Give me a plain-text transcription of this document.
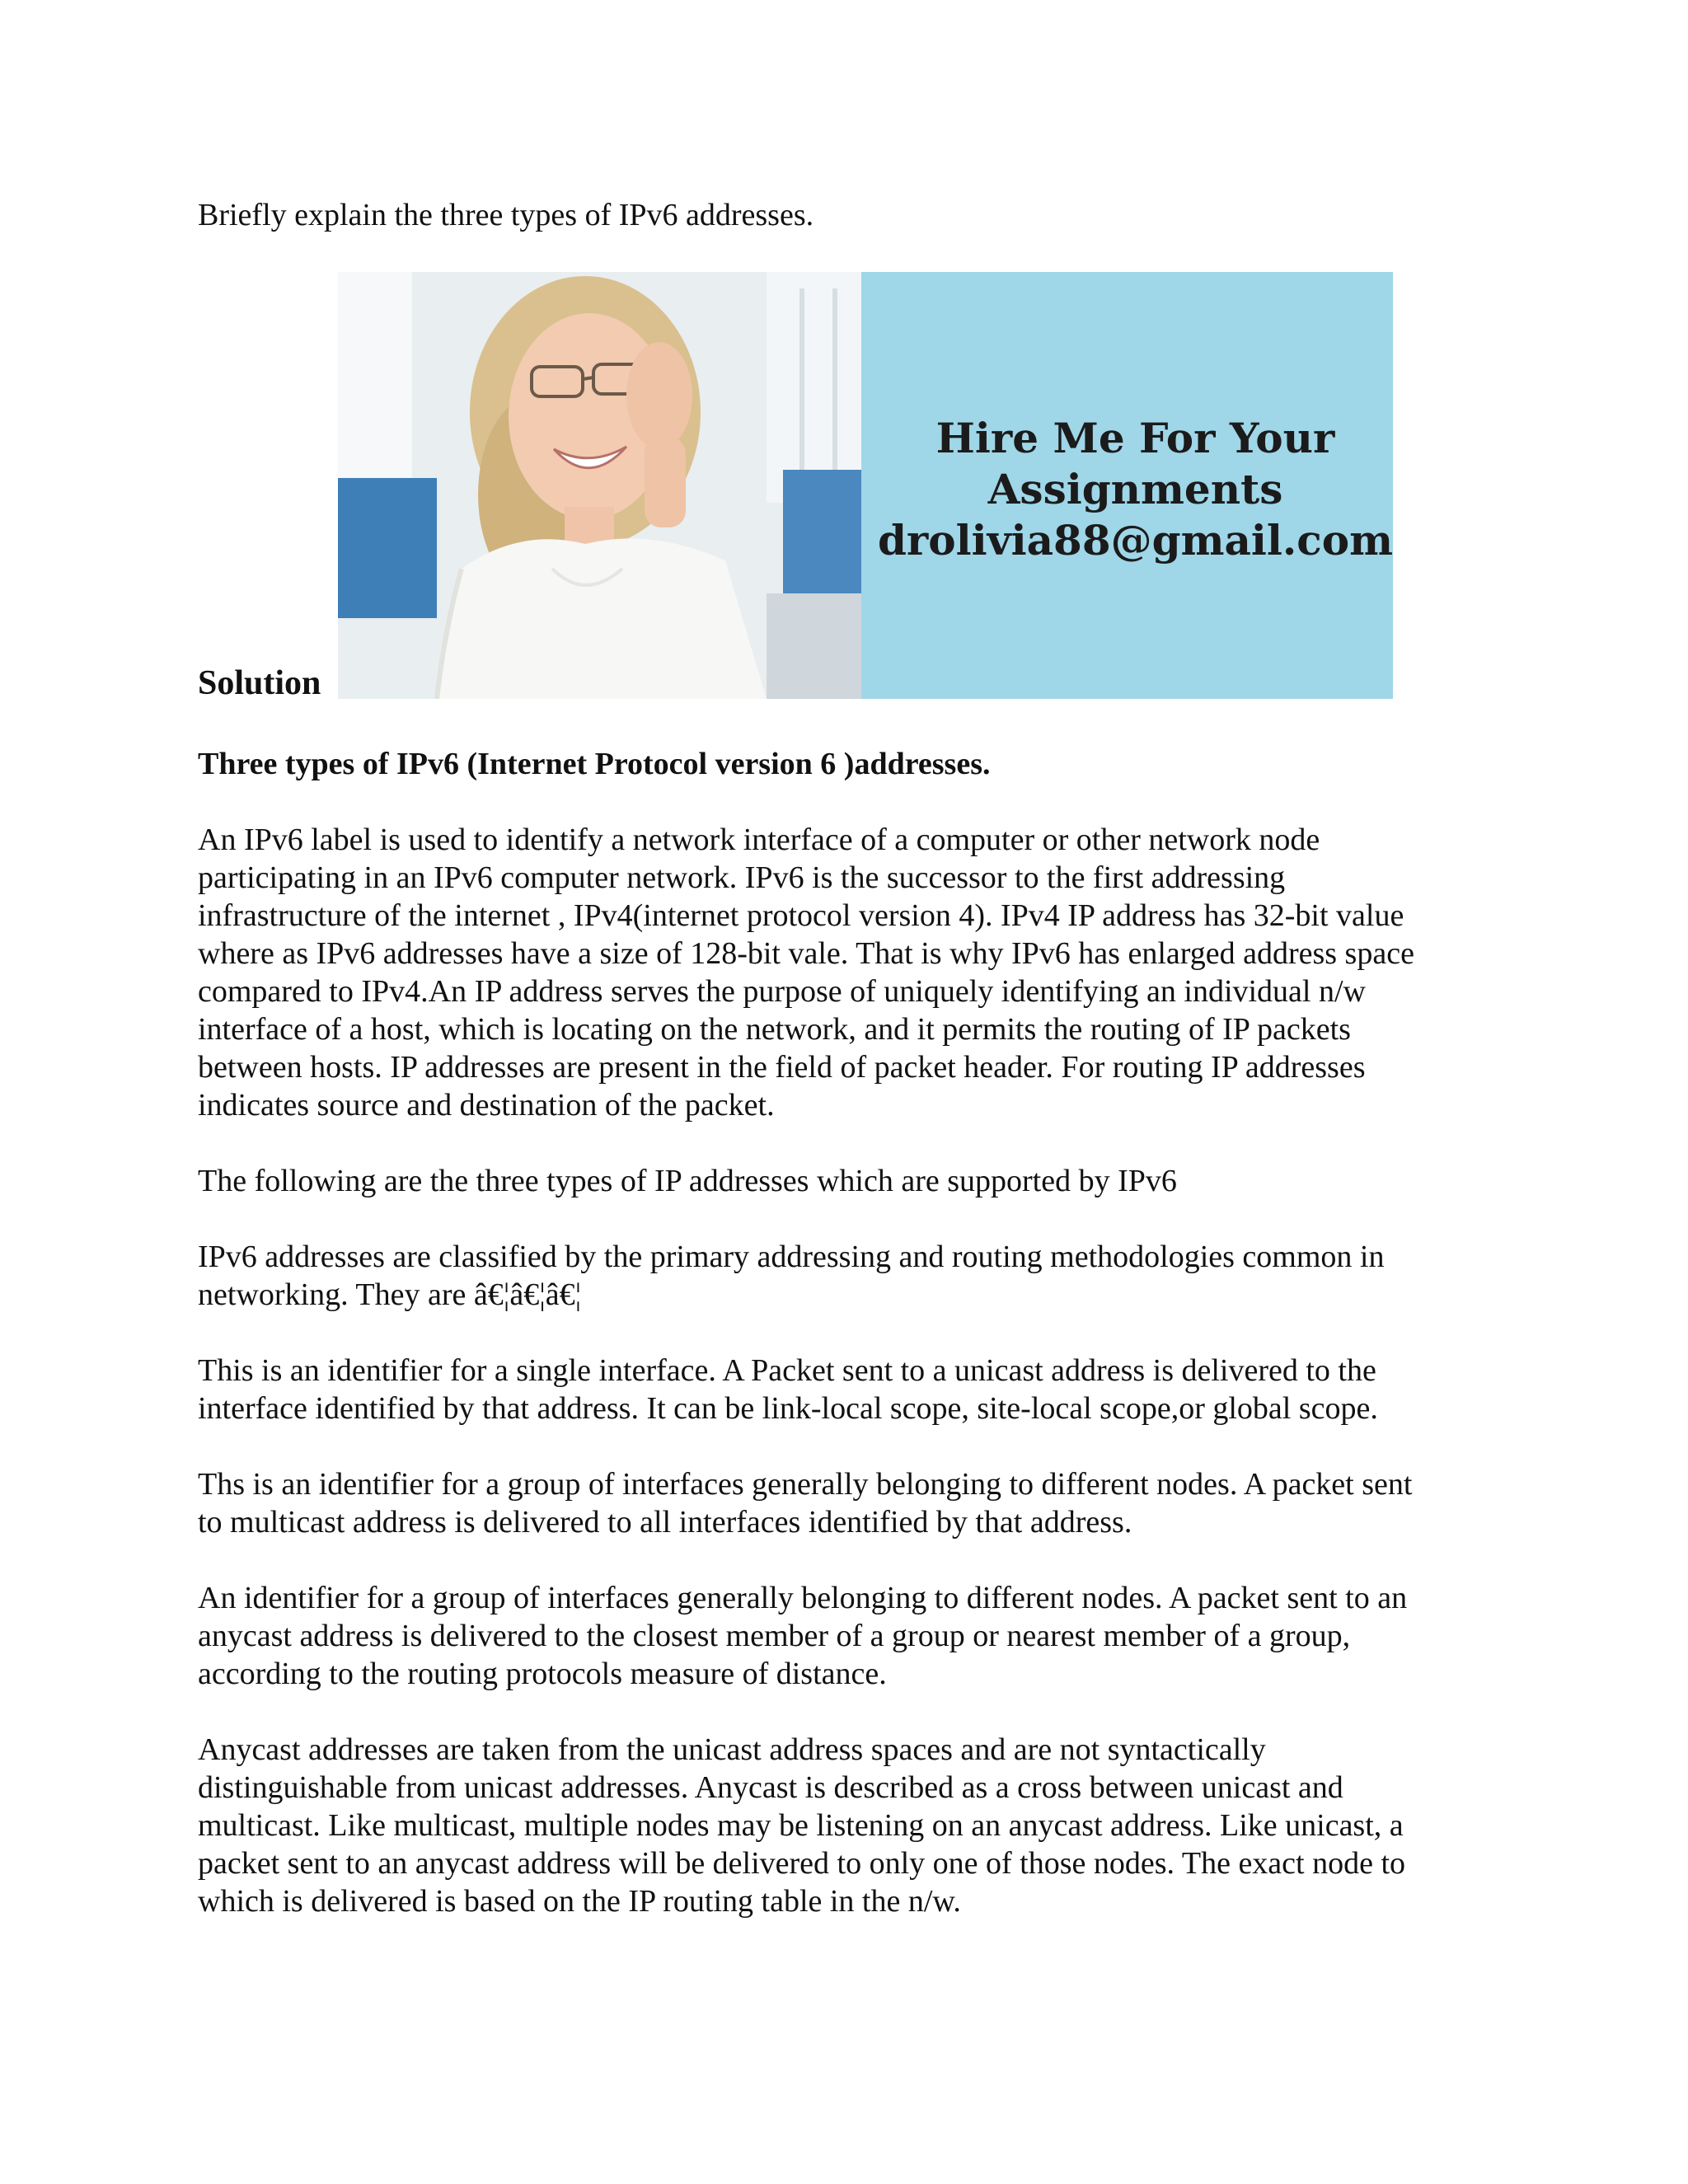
Briefly explain the three types of IPv6 addresses.
Solution
Hire Me For Your
Assignments
drolivia88@gmail.com
Three types of IPv6 (Internet Protocol version 6 )addresses.
An IPv6 label is used to identify a network interface of a computer or other network node
participating in an IPv6 computer network. IPv6 is the successor to the first addressing
infrastructure of the internet , IPv4(internet protocol version 4). IPv4 IP address has 32-bit value
where as IPv6 addresses have a size of 128-bit vale. That is why IPv6 has enlarged address space
compared to IPv4.An IP address serves the purpose of uniquely identifying an individual n/w
interface of a host, which is locating on the network, and it permits the routing of IP packets
between hosts. IP addresses are present in the field of packet header. For routing IP addresses
indicates source and destination of the packet.
The following are the three types of IP addresses which are supported by IPv6
IPv6 addresses are classified by the primary addressing and routing methodologies common in
networking. They are â€¦â€¦â€¦
This is an identifier for a single interface. A Packet sent to a unicast address is delivered to the
interface identified by that address. It can be link-local scope, site-local scope,or global scope.
Ths is an identifier for a group of interfaces generally belonging to different nodes. A packet sent
to multicast address is delivered to all interfaces identified by that address.
An identifier for a group of interfaces generally belonging to different nodes. A packet sent to an
anycast address is delivered to the closest member of a group or nearest member of a group,
according to the routing protocols measure of distance.
Anycast addresses are taken from the unicast address spaces and are not syntactically
distinguishable from unicast addresses. Anycast is described as a cross between unicast and
multicast. Like multicast, multiple nodes may be listening on an anycast address. Like unicast, a
packet sent to an anycast address will be delivered to only one of those nodes. The exact node to
which is delivered is based on the IP routing table in the n/w.
